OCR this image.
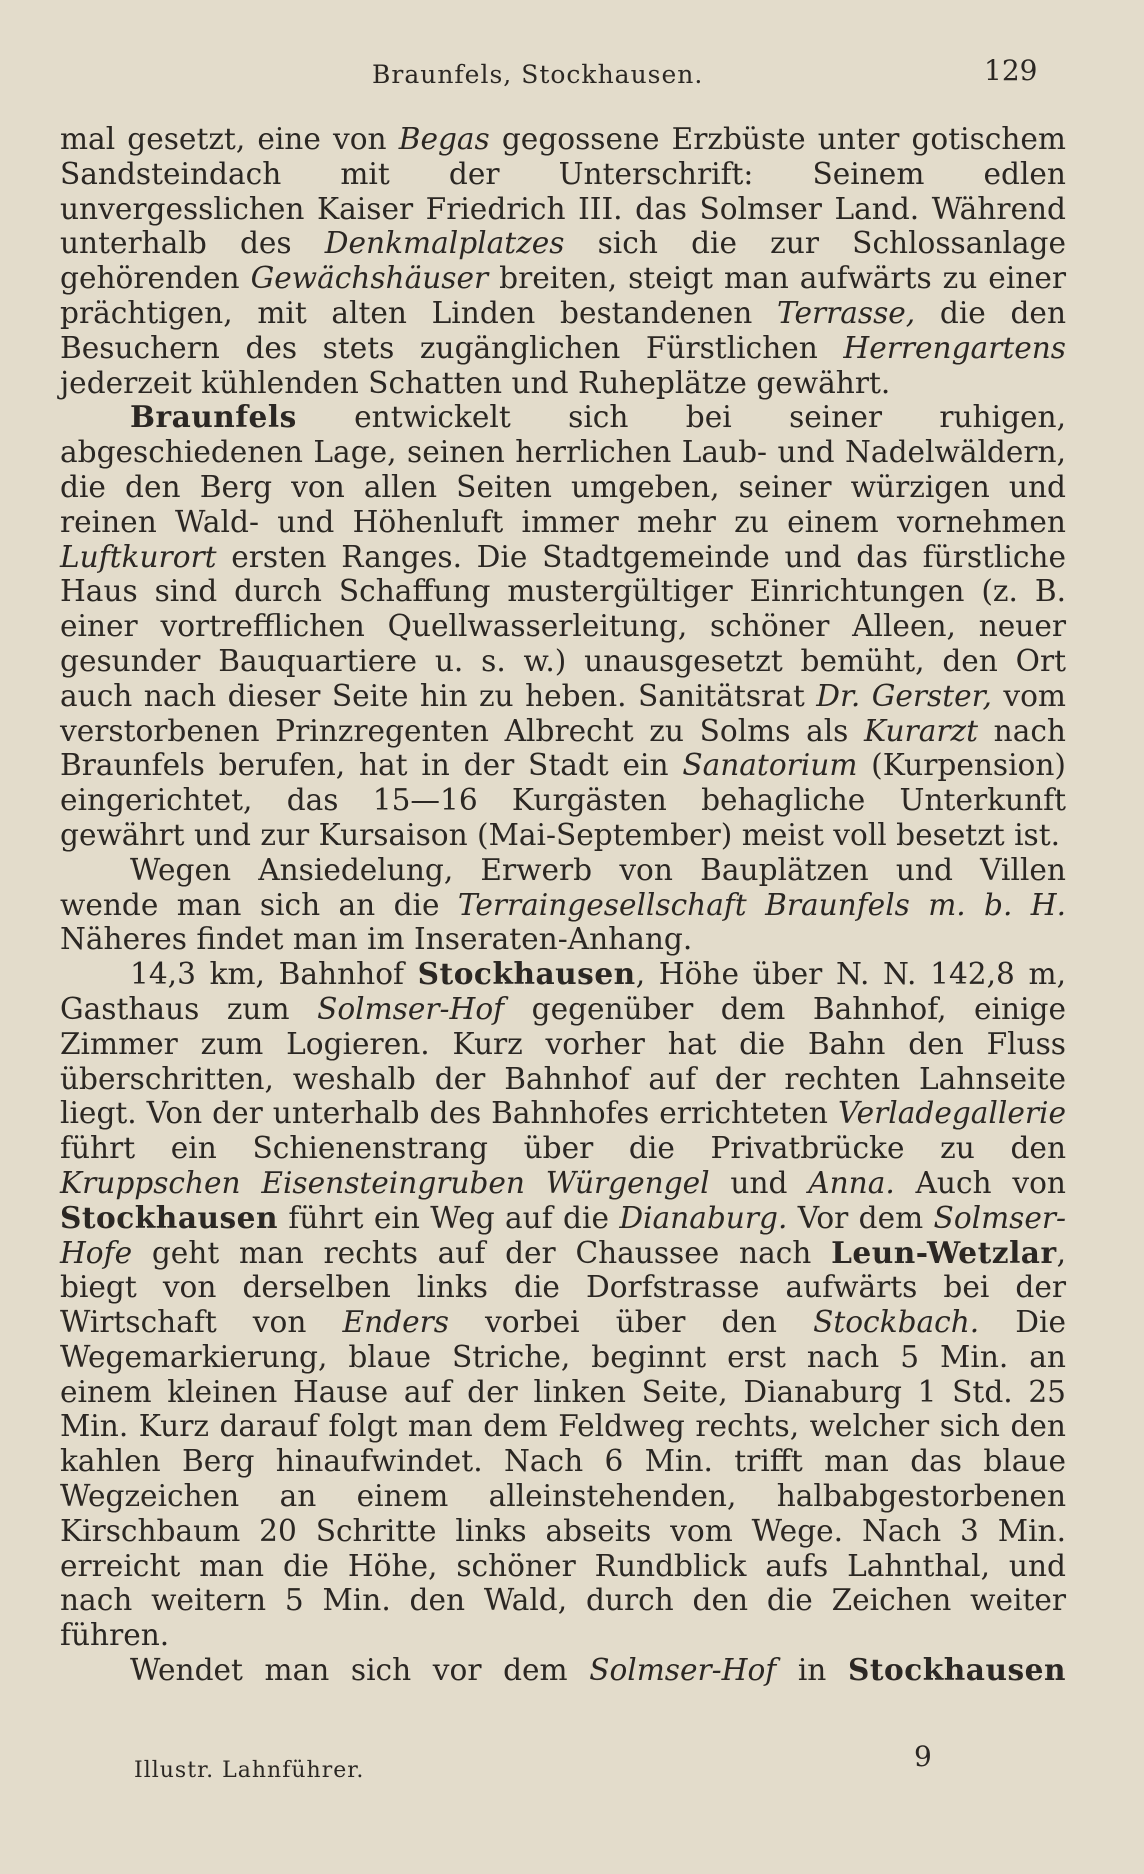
Braunfels, Stockhausen.	129

mal gesetzt, eine von Begas gegossene Erzbüste unter gotischem Sandsteindach mit der Unterschrift: Seinem edlen unvergesslichen Kaiser Friedrich III. das Solmser Land. Während unterhalb des Denkmalplatzes sich die zur Schlossanlage gehörenden Gewächshäuser breiten, steigt man aufwärts zu einer prächtigen, mit alten Linden bestandenen Terrasse, die den Besuchern des stets zugänglichen Fürstlichen Herrengartens jederzeit kühlenden Schatten und Ruheplätze gewährt.

Braunfels entwickelt sich bei seiner ruhigen, abgeschiedenen Lage, seinen herrlichen Laub- und Nadelwäldern, die den Berg von allen Seiten umgeben, seiner würzigen und reinen Wald- und Höhenluft immer mehr zu einem vornehmen Luftkurort ersten Ranges. Die Stadtgemeinde und das fürstliche Haus sind durch Schaffung mustergültiger Einrichtungen (z. B. einer vortrefflichen Quellwasserleitung, schöner Alleen, neuer gesunder Bauquartiere u. s. w.) unausgesetzt bemüht, den Ort auch nach dieser Seite hin zu heben. Sanitätsrat Dr. Gerster, vom verstorbenen Prinzregenten Albrecht zu Solms als Kurarzt nach Braunfels berufen, hat in der Stadt ein Sanatorium (Kurpension) eingerichtet, das 15—16 Kurgästen behagliche Unterkunft gewährt und zur Kursaison (Mai-September) meist voll besetzt ist.

Wegen Ansiedelung, Erwerb von Bauplätzen und Villen wende man sich an die Terraingesellschaft Braunfels m. b. H. Näheres findet man im Inseraten-Anhang.

14,3 km, Bahnhof Stockhausen, Höhe über N. N. 142,8 m, Gasthaus zum Solmser-Hof gegenüber dem Bahnhof, einige Zimmer zum Logieren. Kurz vorher hat die Bahn den Fluss überschritten, weshalb der Bahnhof auf der rechten Lahnseite liegt. Von der unterhalb des Bahnhofes errichteten Verladegallerie führt ein Schienenstrang über die Privatbrücke zu den Kruppschen Eisensteingruben Würgengel und Anna. Auch von Stockhausen führt ein Weg auf die Dianaburg. Vor dem Solmser-Hofe geht man rechts auf der Chaussee nach Leun-Wetzlar, biegt von derselben links die Dorfstrasse aufwärts bei der Wirtschaft von Enders vorbei über den Stockbach. Die Wegemarkierung, blaue Striche, beginnt erst nach 5 Min. an einem kleinen Hause auf der linken Seite, Dianaburg 1 Std. 25 Min. Kurz darauf folgt man dem Feldweg rechts, welcher sich den kahlen Berg hinaufwindet. Nach 6 Min. trifft man das blaue Wegzeichen an einem alleinstehenden, halbabgestorbenen Kirschbaum 20 Schritte links abseits vom Wege. Nach 3 Min. erreicht man die Höhe, schöner Rundblick aufs Lahnthal, und nach weitern 5 Min. den Wald, durch den die Zeichen weiter führen.

Wendet man sich vor dem Solmser-Hof in Stockhausen

Illustr. Lahnführer.	9
